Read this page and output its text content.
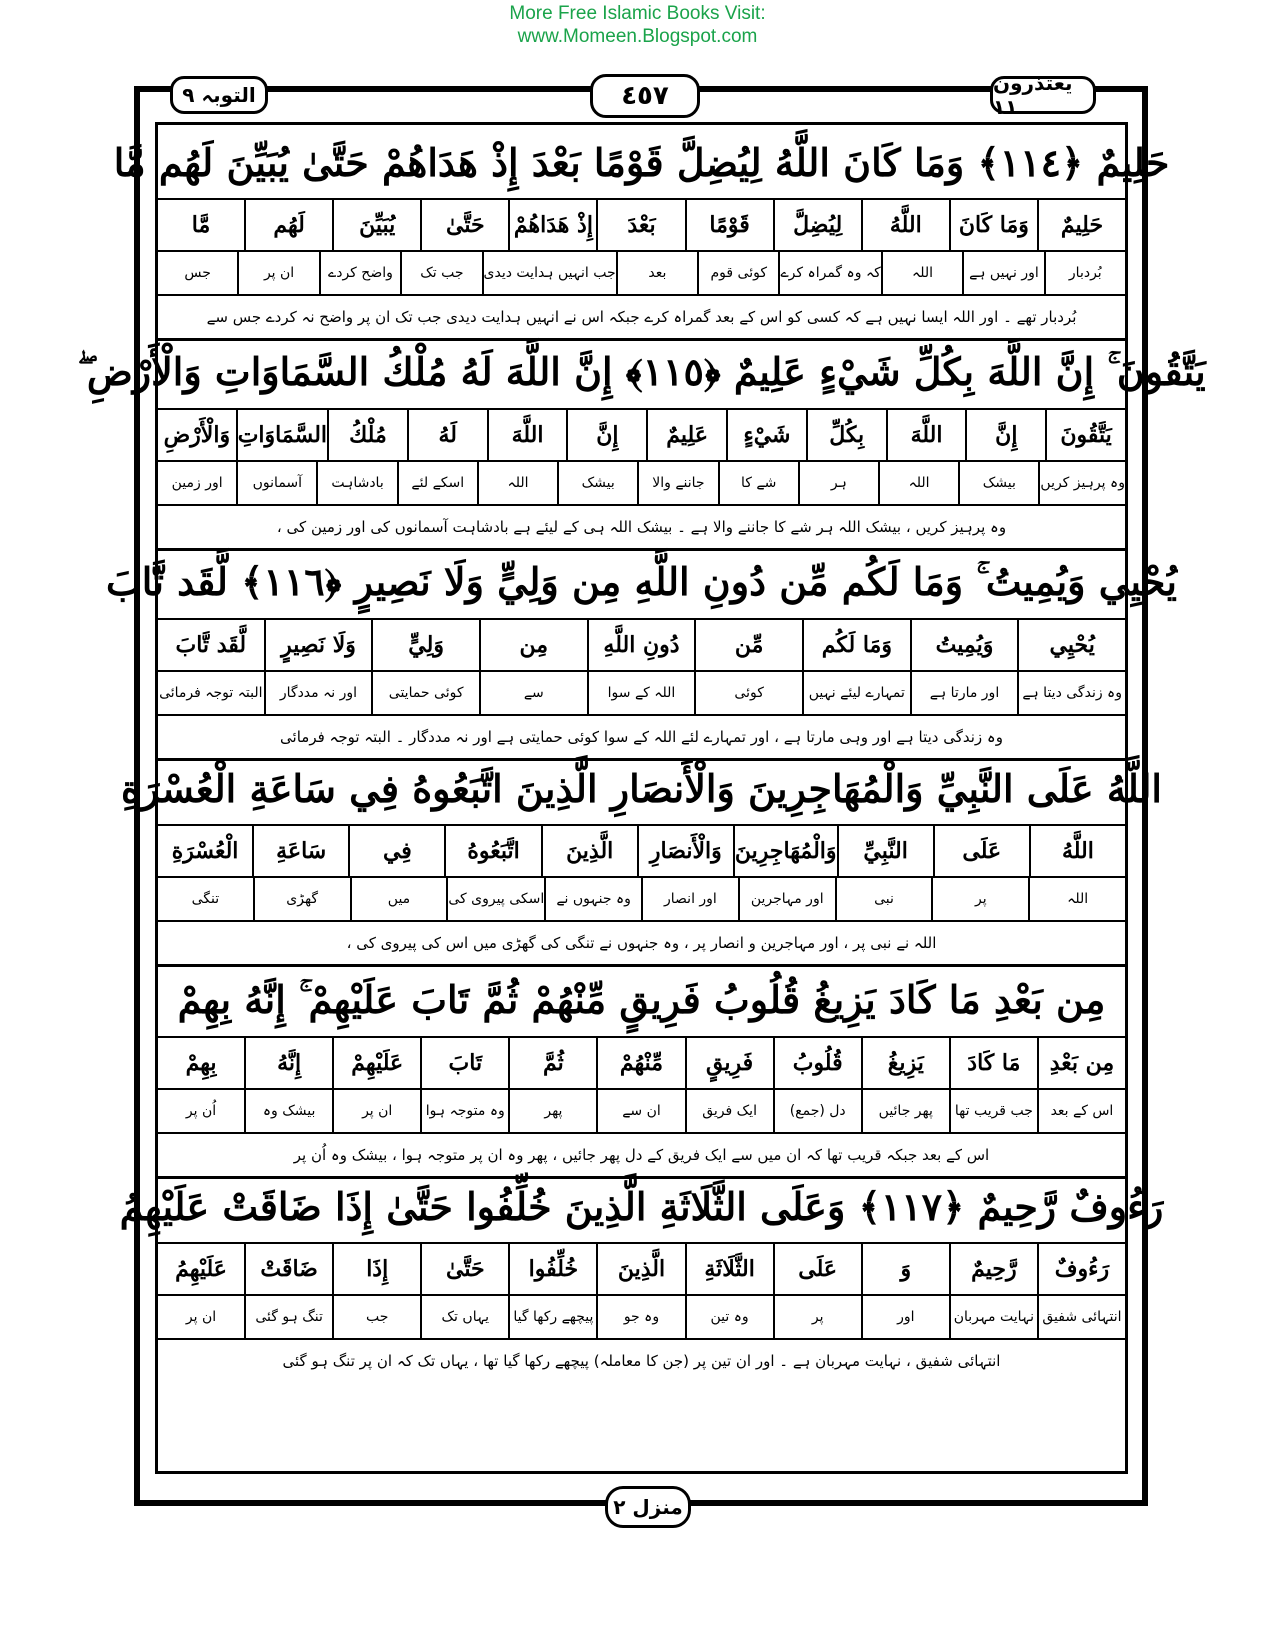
More Free Islamic Books Visit:
www.Momeen.Blogspot.com
التوبہ ٩	٤٥٧	یعتذرون ١١
منزل ٢
حَلِيمٌ ﴿١١٤﴾ وَمَا كَانَ اللَّهُ لِيُضِلَّ قَوْمًا بَعْدَ إِذْ هَدَاهُمْ حَتَّىٰ يُبَيِّنَ لَهُم مَّا
حَلِيمٌ
وَمَا كَانَ
اللَّهُ
لِيُضِلَّ
قَوْمًا
بَعْدَ
إِذْ هَدَاهُمْ
حَتَّىٰ
يُبَيِّنَ
لَهُم
مَّا
بُردبار
اور نہیں ہے
اللہ
کہ وہ گمراہ کرے
کوئی قوم
بعد
جب انہیں ہدایت دیدی
جب تک
واضح کردے
ان پر
جس
بُردبار تھے ۔ اور اللہ ایسا نہیں ہے کہ کسی کو اس کے بعد گمراہ کرے جبکہ اس نے انہیں ہدایت دیدی جب تک ان پر واضح نہ کردے جس سے
يَتَّقُونَ ۚ إِنَّ اللَّهَ بِكُلِّ شَيْءٍ عَلِيمٌ ﴿١١٥﴾ إِنَّ اللَّهَ لَهُ مُلْكُ السَّمَاوَاتِ وَالْأَرْضِ ۖ
يَتَّقُونَ
إِنَّ
اللَّهَ
بِكُلِّ
شَيْءٍ
عَلِيمٌ
إِنَّ
اللَّهَ
لَهُ
مُلْكُ
السَّمَاوَاتِ
وَالْأَرْضِ
وہ پرہیز کریں
بیشک
اللہ
ہر
شے کا
جاننے والا
بیشک
اللہ
اسکے لئے
بادشاہت
آسمانوں
اور زمین
وہ پرہیز کریں ، بیشک اللہ ہر شے کا جاننے والا ہے ۔ بیشک اللہ ہی کے لیئے ہے بادشاہت آسمانوں کی اور زمین کی ،
يُحْيِي وَيُمِيتُ ۚ وَمَا لَكُم مِّن دُونِ اللَّهِ مِن وَلِيٍّ وَلَا نَصِيرٍ ﴿١١٦﴾ لَّقَد تَّابَ
يُحْيِي
وَيُمِيتُ
وَمَا لَكُم
مِّن
دُونِ اللَّهِ
مِن
وَلِيٍّ
وَلَا نَصِيرٍ
لَّقَد تَّابَ
وہ زندگی دیتا ہے
اور مارتا ہے
تمہارے لیئے نہیں
کوئی
اللہ کے سوا
سے
کوئی حمایتی
اور نہ مددگار
البتہ توجہ فرمائی
وہ زندگی دیتا ہے اور وہی مارتا ہے ، اور تمہارے لئے اللہ کے سوا کوئی حمایتی ہے اور نہ مددگار ۔ البتہ توجہ فرمائی
اللَّهُ عَلَى النَّبِيِّ وَالْمُهَاجِرِينَ وَالْأَنصَارِ الَّذِينَ اتَّبَعُوهُ فِي سَاعَةِ الْعُسْرَةِ
اللَّهُ
عَلَى
النَّبِيِّ
وَالْمُهَاجِرِينَ
وَالْأَنصَارِ
الَّذِينَ
اتَّبَعُوهُ
فِي
سَاعَةِ
الْعُسْرَةِ
اللہ
پر
نبی
اور مہاجرین
اور انصار
وہ جنہوں نے
اسکی پیروی کی
میں
گھڑی
تنگی
اللہ نے نبی پر ، اور مہاجرین و انصار پر ، وہ جنہوں نے تنگی کی گھڑی میں اس کی پیروی کی ،
مِن بَعْدِ مَا كَادَ يَزِيغُ قُلُوبُ فَرِيقٍ مِّنْهُمْ ثُمَّ تَابَ عَلَيْهِمْ ۚ إِنَّهُ بِهِمْ
مِن بَعْدِ
مَا كَادَ
يَزِيغُ
قُلُوبُ
فَرِيقٍ
مِّنْهُمْ
ثُمَّ
تَابَ
عَلَيْهِمْ
إِنَّهُ
بِهِمْ
اس کے بعد
جب قریب تھا
پھر جائیں
دل (جمع)
ایک فریق
ان سے
پھر
وہ متوجہ ہوا
ان پر
بیشک وہ
اُن پر
اس کے بعد جبکہ قریب تھا کہ ان میں سے ایک فریق کے دل پھر جائیں ، پھر وہ ان پر متوجہ ہوا ، بیشک وہ اُن پر
رَءُوفٌ رَّحِيمٌ ﴿١١٧﴾ وَعَلَى الثَّلَاثَةِ الَّذِينَ خُلِّفُوا حَتَّىٰ إِذَا ضَاقَتْ عَلَيْهِمُ
رَءُوفٌ
رَّحِيمٌ
وَ
عَلَى
الثَّلَاثَةِ
الَّذِينَ
خُلِّفُوا
حَتَّىٰ
إِذَا
ضَاقَتْ
عَلَيْهِمُ
انتہائی شفیق
نہایت مہربان
اور
پر
وہ تین
وہ جو
پیچھے رکھا گیا
یہاں تک
جب
تنگ ہو گئی
ان پر
انتہائی شفیق ، نہایت مہربان ہے ۔ اور ان تین پر (جن کا معاملہ) پیچھے رکھا گیا تھا ، یہاں تک کہ ان پر تنگ ہو گئی
